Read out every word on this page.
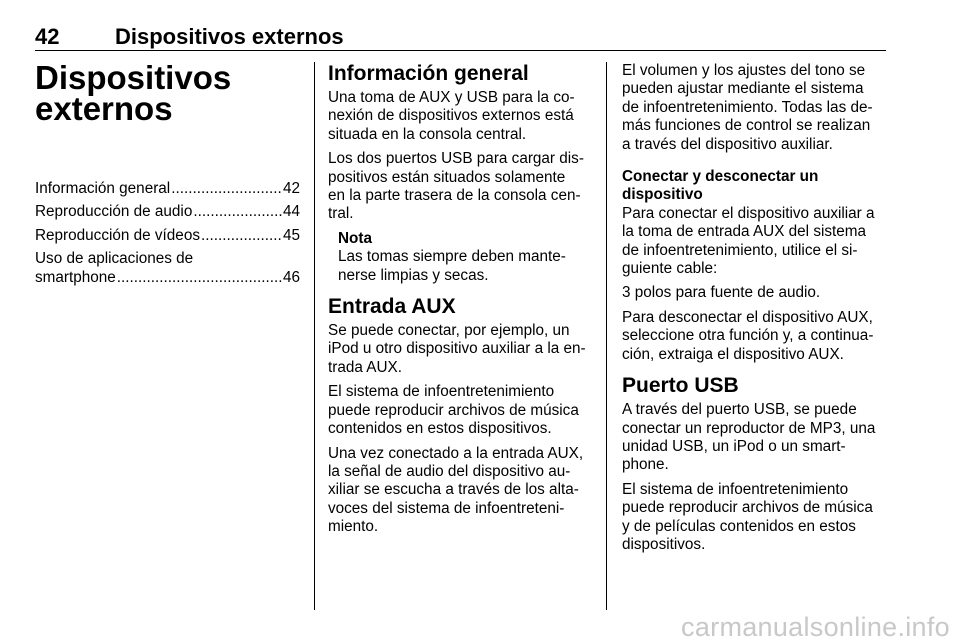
42	Dispositivos externos
Dispositivos
externos
Información general .....	42
Reproducción de audio .....	44
Reproducción de vídeos .....	45
Uso de aplicaciones de
smartphone .....	46
Información general
Una toma de AUX y USB para la co-
nexión de dispositivos externos está
situada en la consola central.
Los dos puertos USB para cargar dis-
positivos están situados solamente
en la parte trasera de la consola cen-
tral.
Nota
Las tomas siempre deben mante-
nerse limpias y secas.
Entrada AUX
Se puede conectar, por ejemplo, un
iPod u otro dispositivo auxiliar a la en-
trada AUX.
El sistema de infoentretenimiento
puede reproducir archivos de música
contenidos en estos dispositivos.
Una vez conectado a la entrada AUX,
la señal de audio del dispositivo au-
xiliar se escucha a través de los alta-
voces del sistema de infoentreteni-
miento.
El volumen y los ajustes del tono se
pueden ajustar mediante el sistema
de infoentretenimiento. Todas las de-
más funciones de control se realizan
a través del dispositivo auxiliar.
Conectar y desconectar un
dispositivo
Para conectar el dispositivo auxiliar a
la toma de entrada AUX del sistema
de infoentretenimiento, utilice el si-
guiente cable:
3 polos para fuente de audio.
Para desconectar el dispositivo AUX,
seleccione otra función y, a continua-
ción, extraiga el dispositivo AUX.
Puerto USB
A través del puerto USB, se puede
conectar un reproductor de MP3, una
unidad USB, un iPod o un smart-
phone.
El sistema de infoentretenimiento
puede reproducir archivos de música
y de películas contenidos en estos
dispositivos.
carmanualsonline.info
